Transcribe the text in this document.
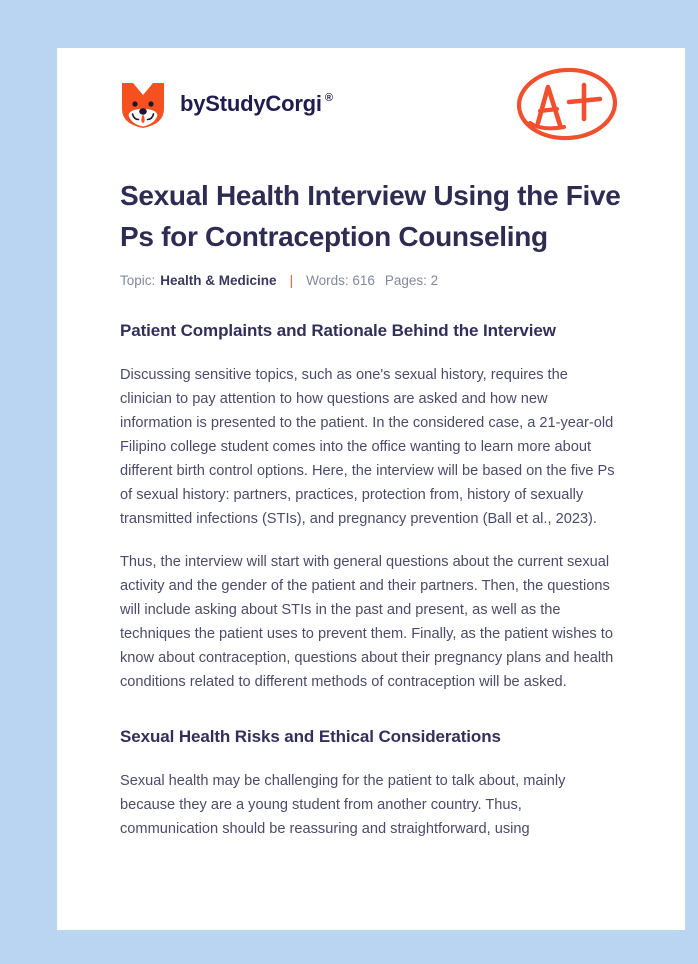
by StudyCorgi ®
Sexual Health Interview Using the Five Ps for Contraception Counseling
Topic: Health & Medicine | Words: 616 Pages: 2
Patient Complaints and Rationale Behind the Interview

Discussing sensitive topics, such as one's sexual history, requires the clinician to pay attention to how questions are asked and how new information is presented to the patient. In the considered case, a 21-year-old Filipino college student comes into the office wanting to learn more about different birth control options. Here, the interview will be based on the five Ps of sexual history: partners, practices, protection from, history of sexually transmitted infections (STIs), and pregnancy prevention (Ball et al., 2023).

Thus, the interview will start with general questions about the current sexual activity and the gender of the patient and their partners. Then, the questions will include asking about STIs in the past and present, as well as the techniques the patient uses to prevent them. Finally, as the patient wishes to know about contraception, questions about their pregnancy plans and health conditions related to different methods of contraception will be asked.

Sexual Health Risks and Ethical Considerations

Sexual health may be challenging for the patient to talk about, mainly because they are a young student from another country. Thus, communication should be reassuring and straightforward, using
